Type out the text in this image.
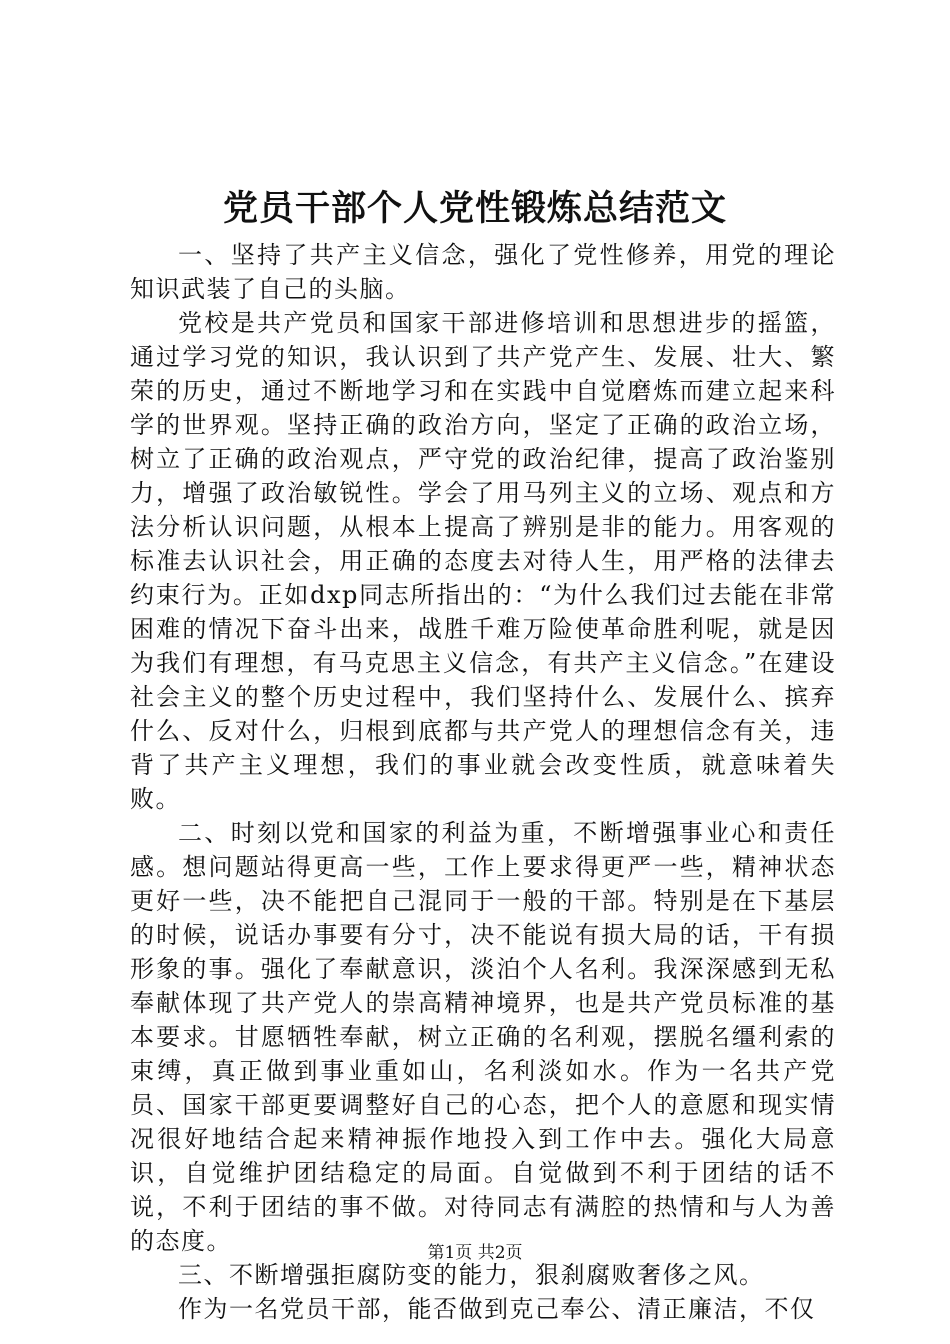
党员干部个人党性锻炼总结范文

一、坚持了共产主义信念，强化了党性修养，用党的理论知识武装了自己的头脑。

党校是共产党员和国家干部进修培训和思想进步的摇篮，通过学习党的知识，我认识到了共产党产生、发展、壮大、繁荣的历史，通过不断地学习和在实践中自觉磨炼而建立起来科学的世界观。坚持正确的政治方向，坚定了正确的政治立场，树立了正确的政治观点，严守党的政治纪律，提高了政治鉴别力，增强了政治敏锐性。学会了用马列主义的立场、观点和方法分析认识问题，从根本上提高了辨别是非的能力。用客观的标准去认识社会，用正确的态度去对待人生，用严格的法律去约束行为。正如dxp同志所指出的：“为什么我们过去能在非常困难的情况下奋斗出来，战胜千难万险使革命胜利呢，就是因为我们有理想，有马克思主义信念，有共产主义信念。”在建设社会主义的整个历史过程中，我们坚持什么、发展什么、摈弃什么、反对什么，归根到底都与共产党人的理想信念有关，违背了共产主义理想，我们的事业就会改变性质，就意味着失败。

二、时刻以党和国家的利益为重，不断增强事业心和责任感。想问题站得更高一些，工作上要求得更严一些，精神状态更好一些，决不能把自己混同于一般的干部。特别是在下基层的时候，说话办事要有分寸，决不能说有损大局的话，干有损形象的事。强化了奉献意识，淡泊个人名利。我深深感到无私奉献体现了共产党人的崇高精神境界，也是共产党员标准的基本要求。甘愿牺牲奉献，树立正确的名利观，摆脱名缰利索的束缚，真正做到事业重如山，名利淡如水。作为一名共产党员、国家干部更要调整好自己的心态，把个人的意愿和现实情况很好地结合起来精神振作地投入到工作中去。强化大局意识，自觉维护团结稳定的局面。自觉做到不利于团结的话不说，不利于团结的事不做。对待同志有满腔的热情和与人为善的态度。

三、不断增强拒腐防变的能力，狠刹腐败奢侈之风。

作为一名党员干部，能否做到克己奉公、清正廉洁，不仅

第1页 共2页
